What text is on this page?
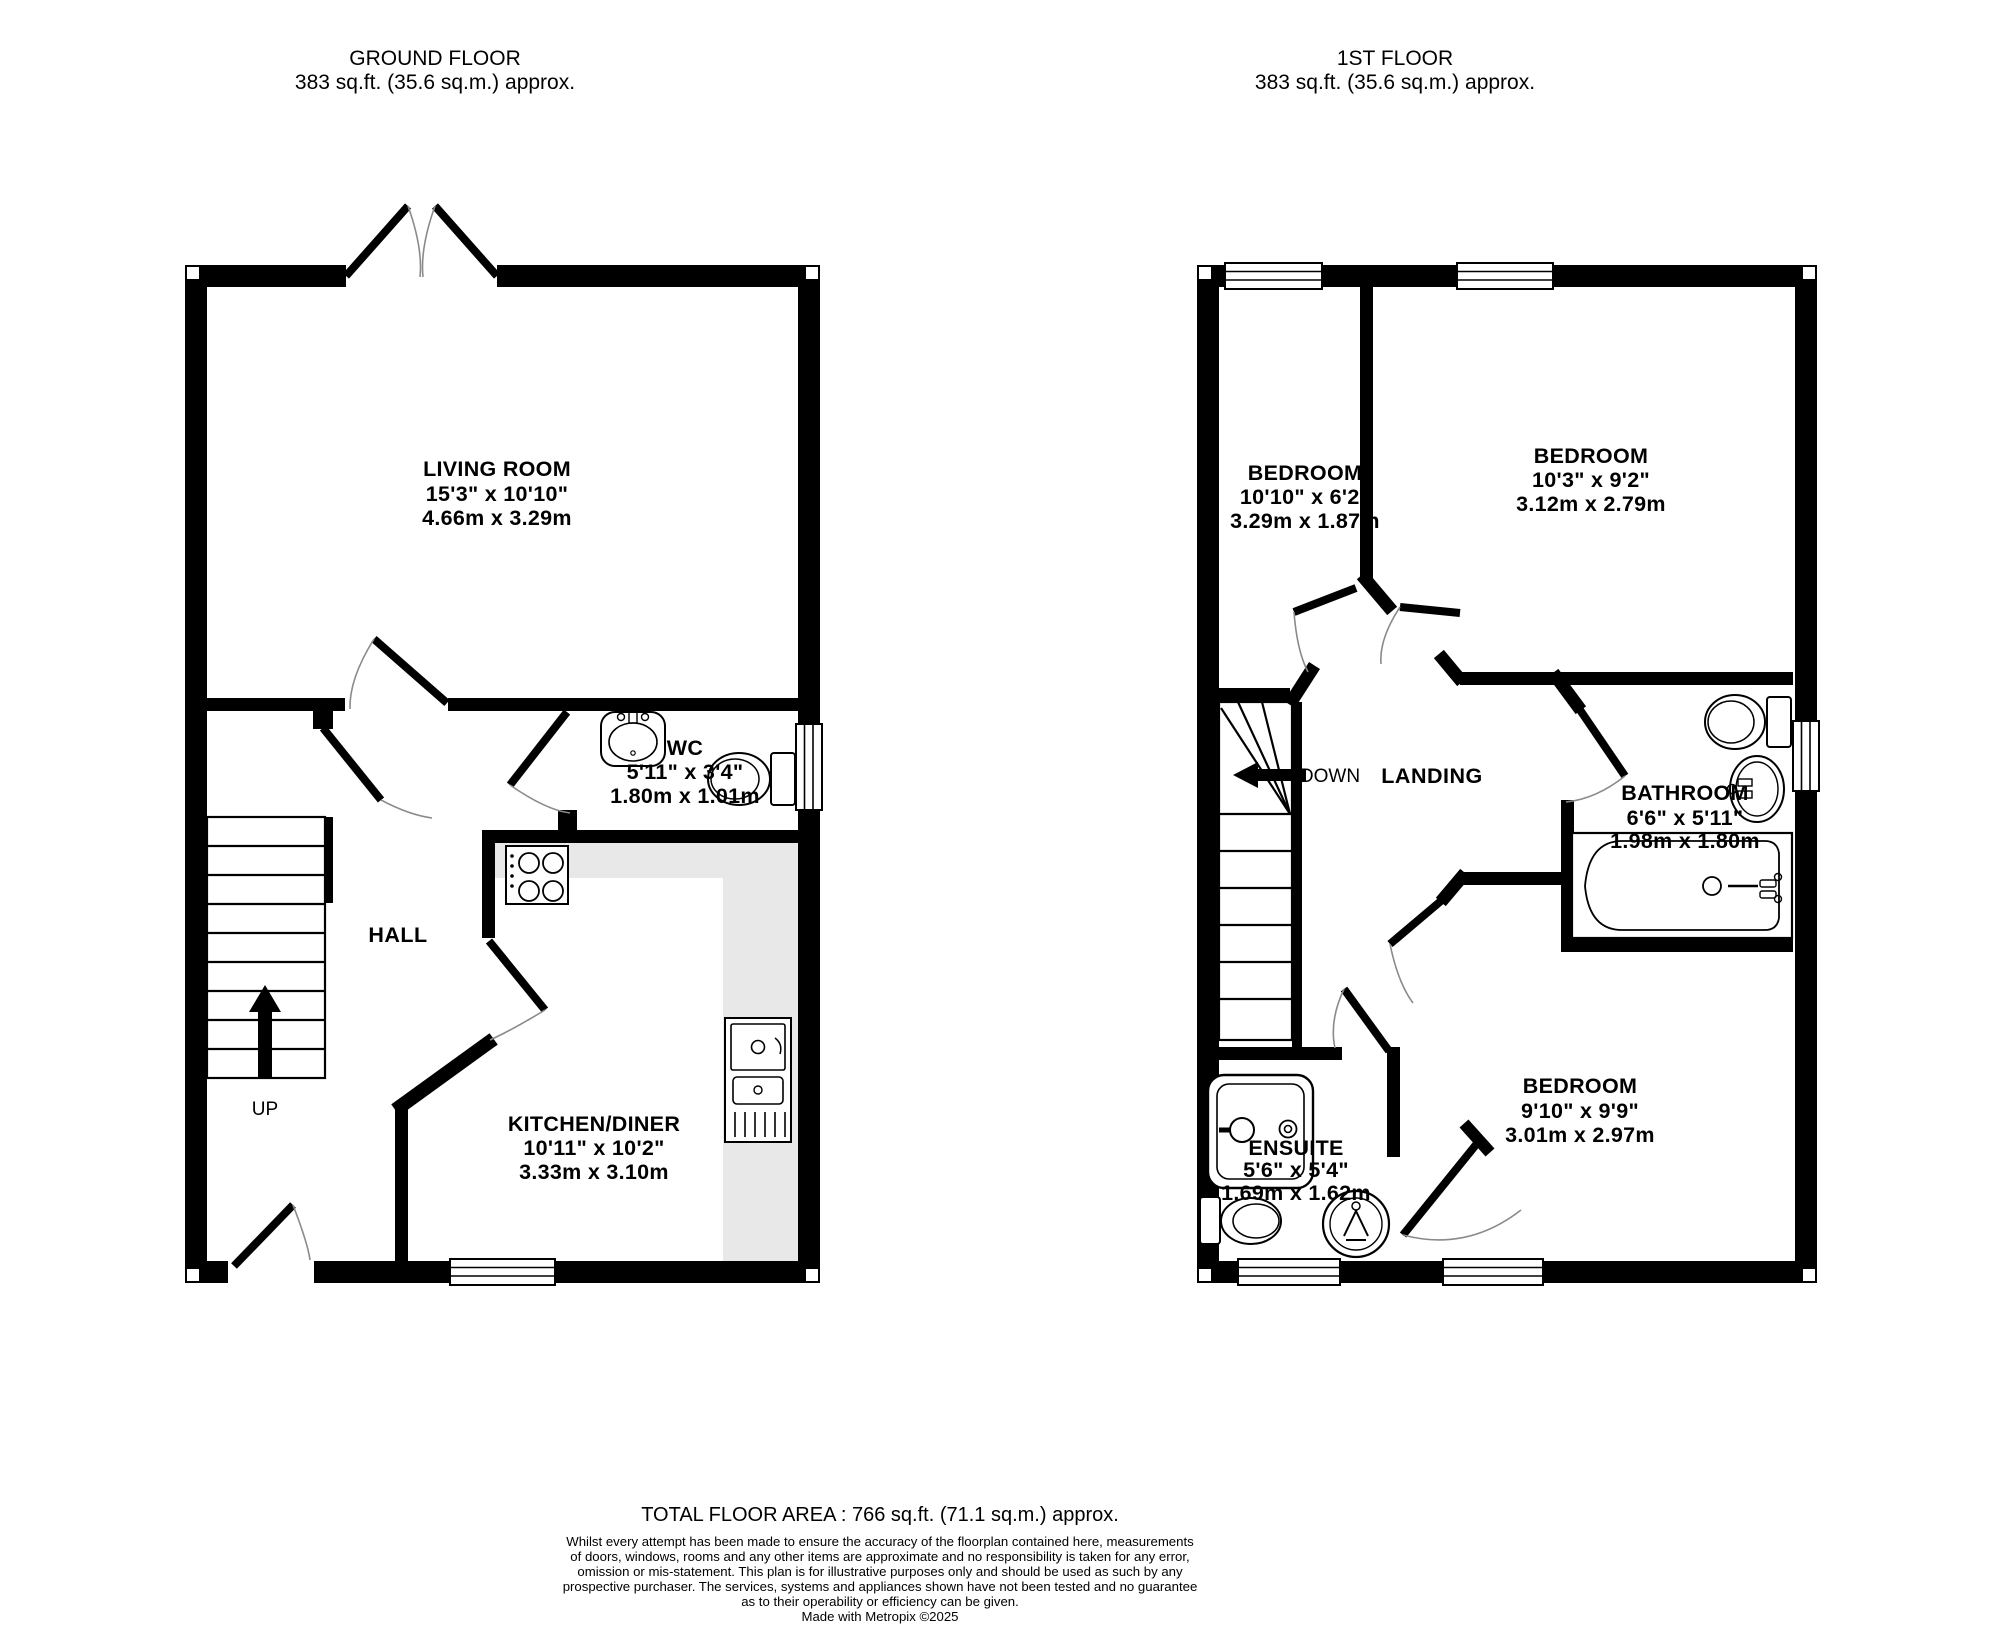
GROUND FLOOR
383 sq.ft. (35.6 sq.m.) approx.
1ST FLOOR
383 sq.ft. (35.6 sq.m.) approx.
LIVING ROOM
15'3" x 10'10"
4.66m x 3.29m
WC
5'11" x 3'4"
1.80m x 1.01m
KITCHEN/DINER
10'11" x 10'2"
3.33m x 3.10m
HALL
UP
BEDROOM
10'10" x 6'2"
3.29m x 1.87m
BEDROOM
10'3" x 9'2"
3.12m x 2.79m
BEDROOM
9'10" x 9'9"
3.01m x 2.97m
BATHROOM
6'6" x 5'11"
1.98m x 1.80m
ENSUITE
5'6" x 5'4"
1.69m x 1.62m
LANDING
DOWN
TOTAL FLOOR AREA : 766 sq.ft. (71.1 sq.m.) approx.
Whilst every attempt has been made to ensure the accuracy of the floorplan contained here, measurements
of doors, windows, rooms and any other items are approximate and no responsibility is taken for any error,
omission or mis-statement. This plan is for illustrative purposes only and should be used as such by any
prospective purchaser. The services, systems and appliances shown have not been tested and no guarantee
as to their operability or efficiency can be given.
Made with Metropix ©2025
